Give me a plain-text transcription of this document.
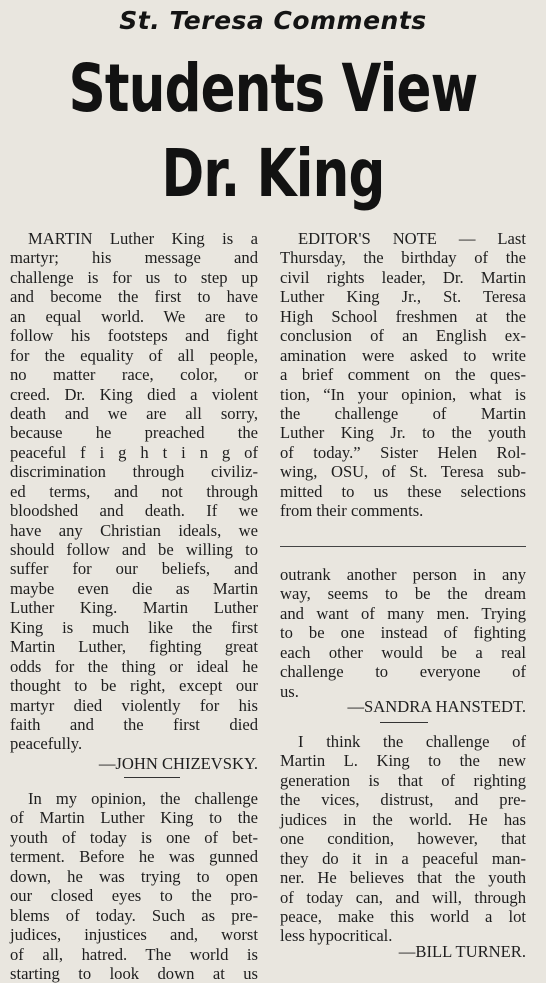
St. Teresa Comments
Students View
Dr. King
MARTIN Luther King is a
martyr; his message and
challenge is for us to step up
and become the first to have
an equal world. We are to
follow his footsteps and fight
for the equality of all people,
no matter race, color, or
creed. Dr. King died a violent
death and we are all sorry,
because he preached the
peaceful f i g h t i n g of
discrimination through civiliz-
ed terms, and not through
bloodshed and death. If we
have any Christian ideals, we
should follow and be willing to
suffer for our beliefs, and
maybe even die as Martin
Luther King. Martin Luther
King is much like the first
Martin Luther, fighting great
odds for the thing or ideal he
thought to be right, except our
martyr died violently for his
faith and the first died
peacefully.
—JOHN CHIZEVSKY.
In my opinion, the challenge
of Martin Luther King to the
youth of today is one of bet-
terment. Before he was gunned
down, he was trying to open
our closed eyes to the pro-
blems of today. Such as pre-
judices, injustices and, worst
of all, hatred. The world is
starting to look down at us
EDITOR'S NOTE — Last
Thursday, the birthday of the
civil rights leader, Dr. Martin
Luther King Jr., St. Teresa
High School freshmen at the
conclusion of an English ex-
amination were asked to write
a brief comment on the ques-
tion, “In your opinion, what is
the challenge of Martin
Luther King Jr. to the youth
of today.” Sister Helen Rol-
wing, OSU, of St. Teresa sub-
mitted to us these selections
from their comments.
outrank another person in any
way, seems to be the dream
and want of many men. Trying
to be one instead of fighting
each other would be a real
challenge to everyone of
us.
—SANDRA HANSTEDT.
I think the challenge of
Martin L. King to the new
generation is that of righting
the vices, distrust, and pre-
judices in the world. He has
one condition, however, that
they do it in a peaceful man-
ner. He believes that the youth
of today can, and will, through
peace, make this world a lot
less hypocritical.
—BILL TURNER.
